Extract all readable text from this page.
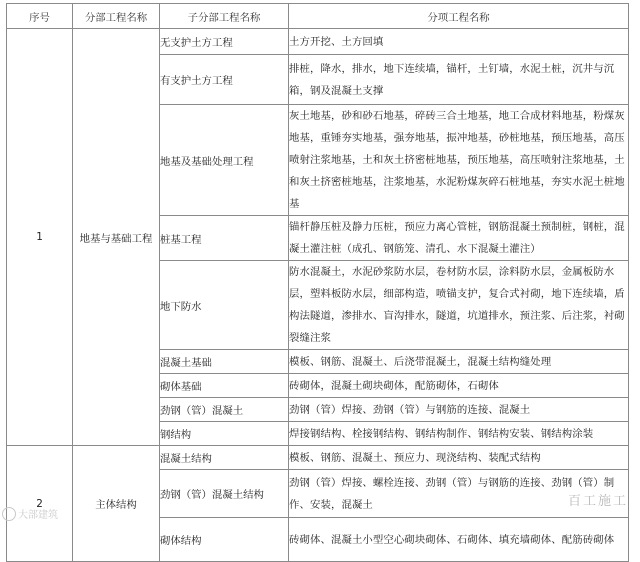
序号	分部工程名称	子分部工程名称	分项工程名称
1	地基与基础工程	无支护土方工程	土方开挖、土方回填
		有支护土方工程	排桩，降水，排水，地下连续墙，锚杆，土钉墙，水泥土桩，沉井与沉箱，钢及混凝土支撑
		地基及基础处理工程	灰土地基，砂和砂石地基，碎砖三合土地基，地工合成材料地基，粉煤灰地基，重锤夯实地基，强夯地基，振冲地基，砂桩地基，预压地基，高压喷射注浆地基，土和灰土挤密桩地基，预压地基，高压喷射注浆地基，土和灰土挤密桩地基，注浆地基，水泥粉煤灰碎石桩地基，夯实水泥土桩地基
		桩基工程	锚杆静压桩及静力压桩，预应力离心管桩，钢筋混凝土预制桩，钢桩，混凝土灌注桩（成孔、钢筋笼、清孔、水下混凝土灌注）
		地下防水	防水混凝土，水泥砂浆防水层，卷材防水层，涂料防水层，金属板防水层，塑料板防水层，细部构造，喷锚支护，复合式衬砌，地下连续墙，盾构法隧道，渗排水、盲沟排水，隧道，坑道排水，预注浆、后注浆，衬砌裂缝注浆
		混凝土基础	模板、钢筋、混凝土、后浇带混凝土，混凝土结构缝处理
		砌体基础	砖砌体，混凝土砌块砌体，配筋砌体，石砌体
		劲钢（管）混凝土	劲钢（管）焊接、劲钢（管）与钢筋的连接、混凝土
		钢结构	焊接钢结构、栓接钢结构、钢结构制作、钢结构安装、钢结构涂装
2	主体结构	混凝土结构	模板、钢筋、混凝土、预应力、现浇结构、装配式结构
		劲钢（管）混凝土结构	劲钢（管）焊接、螺栓连接、劲钢（管）与钢筋的连接、劲钢（管）制作、安装，混凝土
		砌体结构	砖砌体、混凝土小型空心砌块砌体、石砌体、填充墙砌体、配筋砖砌体
大部建筑
百工施工
